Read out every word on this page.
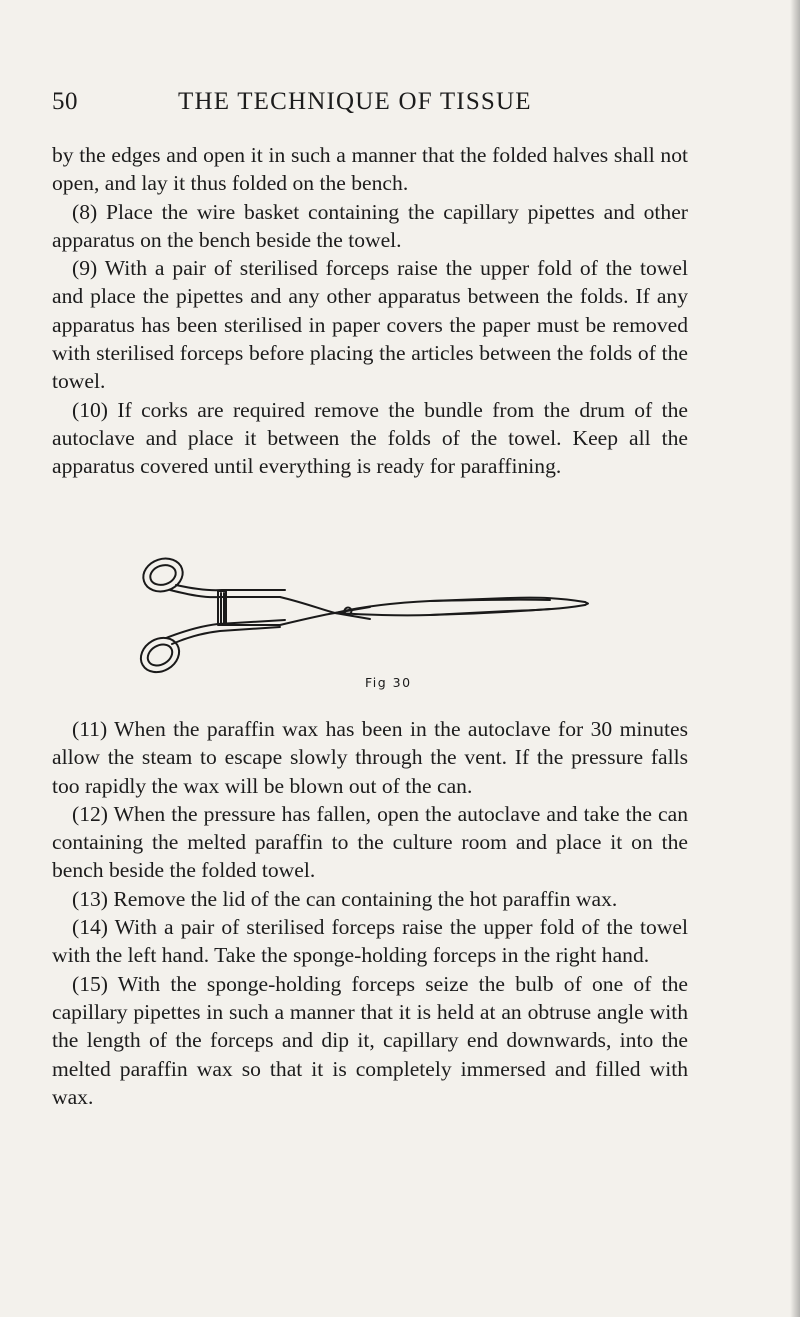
50	THE TECHNIQUE OF TISSUE

by the edges and open it in such a manner that the folded halves shall not open, and lay it thus folded on the bench.

(8) Place the wire basket containing the capillary pipettes and other apparatus on the bench beside the towel.

(9) With a pair of sterilised forceps raise the upper fold of the towel and place the pipettes and any other apparatus between the folds. If any apparatus has been sterilised in paper covers the paper must be removed with sterilised forceps before placing the articles between the folds of the towel.

(10) If corks are required remove the bundle from the drum of the autoclave and place it between the folds of the towel. Keep all the apparatus covered until everything is ready for paraffining.

Fig 30

(11) When the paraffin wax has been in the autoclave for 30 minutes allow the steam to escape slowly through the vent. If the pressure falls too rapidly the wax will be blown out of the can.

(12) When the pressure has fallen, open the autoclave and take the can containing the melted paraffin to the culture room and place it on the bench beside the folded towel.

(13) Remove the lid of the can containing the hot paraffin wax.

(14) With a pair of sterilised forceps raise the upper fold of the towel with the left hand. Take the sponge-holding forceps in the right hand.

(15) With the sponge-holding forceps seize the bulb of one of the capillary pipettes in such a manner that it is held at an obtruse angle with the length of the forceps and dip it, capillary end downwards, into the melted paraffin wax so that it is completely immersed and filled with wax.
